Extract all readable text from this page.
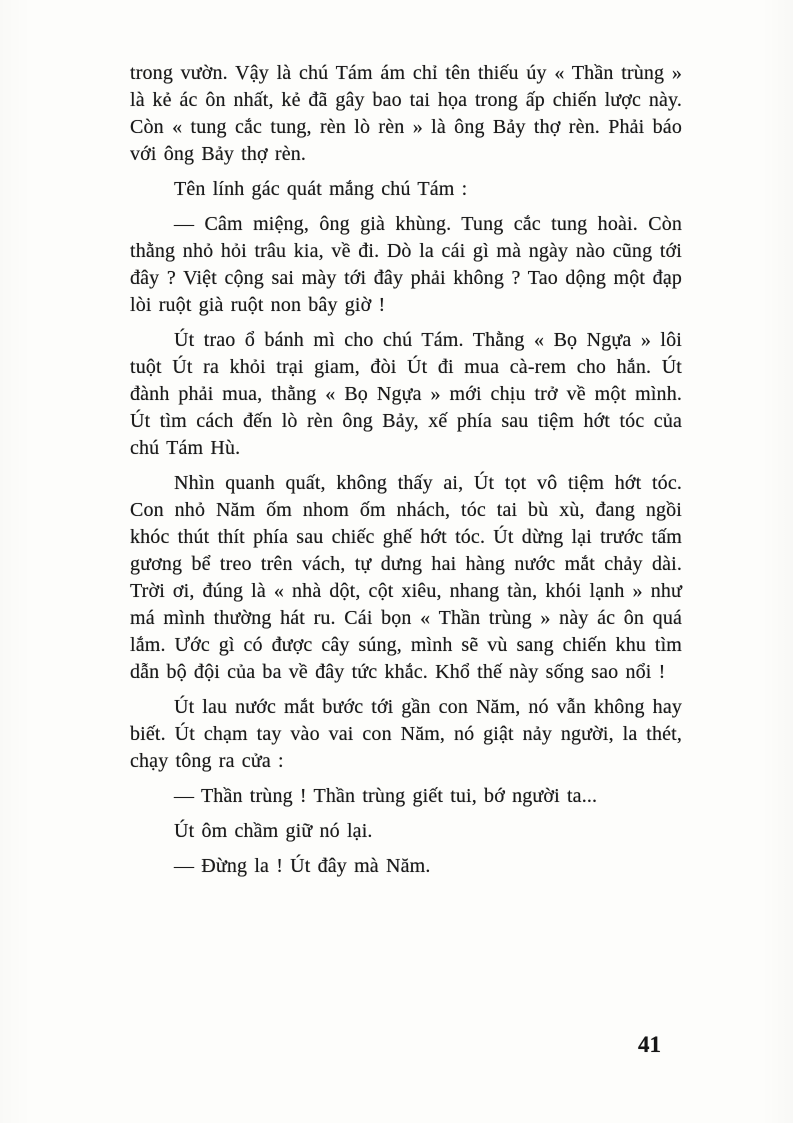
trong vườn. Vậy là chú Tám ám chỉ tên thiếu úy « Thần trùng » là kẻ ác ôn nhất, kẻ đã gây bao tai họa trong ấp chiến lược này. Còn « tung cắc tung, rèn lò rèn » là ông Bảy thợ rèn. Phải báo với ông Bảy thợ rèn.

Tên lính gác quát mắng chú Tám :

— Câm miệng, ông già khùng. Tung cắc tung hoài. Còn thằng nhỏ hỏi trâu kia, về đi. Dò la cái gì mà ngày nào cũng tới đây ? Việt cộng sai mày tới đây phải không ? Tao dộng một đạp lòi ruột già ruột non bây giờ !

Út trao ổ bánh mì cho chú Tám. Thằng « Bọ Ngựa » lôi tuột Út ra khỏi trại giam, đòi Út đi mua cà-rem cho hắn. Út đành phải mua, thằng « Bọ Ngựa » mới chịu trở về một mình. Út tìm cách đến lò rèn ông Bảy, xế phía sau tiệm hớt tóc của chú Tám Hù.

Nhìn quanh quất, không thấy ai, Út tọt vô tiệm hớt tóc. Con nhỏ Năm ốm nhom ốm nhách, tóc tai bù xù, đang ngồi khóc thút thít phía sau chiếc ghế hớt tóc. Út dừng lại trước tấm gương bể treo trên vách, tự dưng hai hàng nước mắt chảy dài. Trời ơi, đúng là « nhà dột, cột xiêu, nhang tàn, khói lạnh » như má mình thường hát ru. Cái bọn « Thần trùng » này ác ôn quá lắm. Ước gì có được cây súng, mình sẽ vù sang chiến khu tìm dẫn bộ đội của ba về đây tức khắc. Khổ thế này sống sao nổi !

Út lau nước mắt bước tới gần con Năm, nó vẫn không hay biết. Út chạm tay vào vai con Năm, nó giật nảy người, la thét, chạy tông ra cửa :

— Thần trùng ! Thần trùng giết tui, bớ người ta...

Út ôm chầm giữ nó lại.

— Đừng la ! Út đây mà Năm.

41
